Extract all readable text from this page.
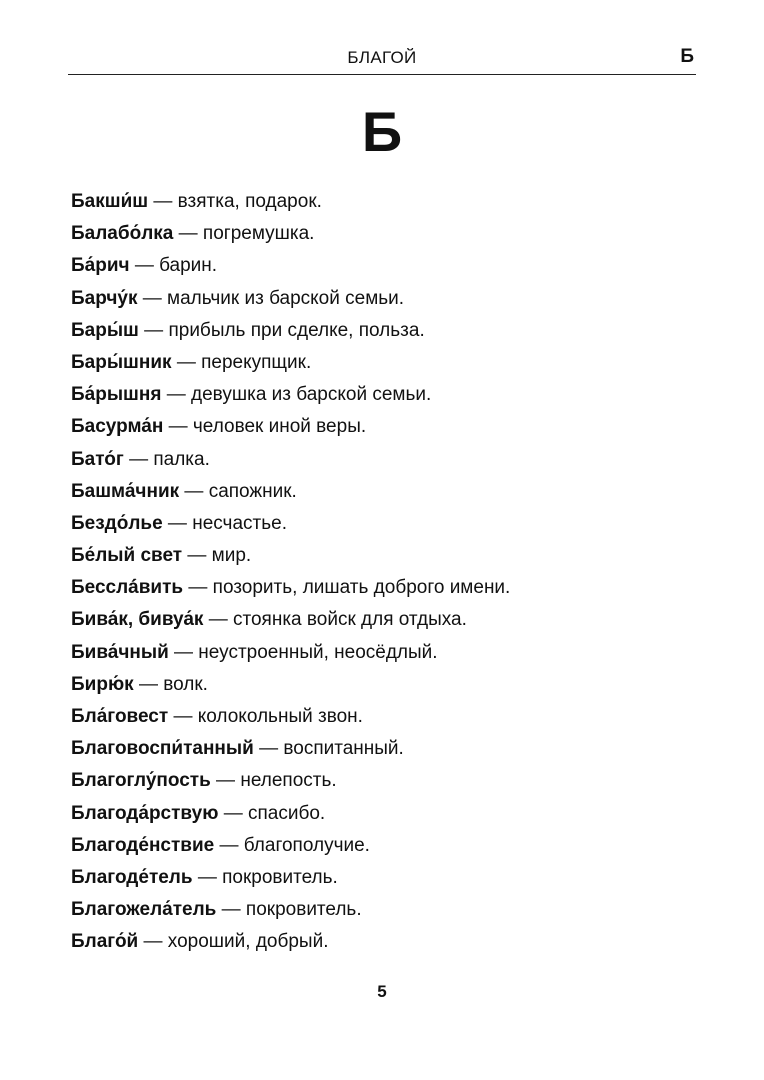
БЛАГОЙ	Б
Б
Бакши́ш — взятка, подарок.
Балабо́лка — погремушка.
Ба́рич — барин.
Барчу́к — мальчик из барской семьи.
Бары́ш — прибыль при сделке, польза.
Бары́шник — перекупщик.
Ба́рышня — девушка из барской семьи.
Басурма́н — человек иной веры.
Бато́г — палка.
Башма́чник — сапожник.
Бездо́лье — несчастье.
Бе́лый свет — мир.
Бесслá́вить — позорить, лишать доброго имени.
Бива́к, бивуа́к — стоянка войск для отдыха.
Бива́чный — неустроенный, неосёдлый.
Бирю́к — волк.
Бла́говест — колокольный звон.
Благовоспи́танный — воспитанный.
Благоглу́пость — нелепость.
Благода́рствую — спасибо.
Благоде́нствие — благополучие.
Благоде́тель — покровитель.
Благожела́тель — покровитель.
Благо́й — хороший, добрый.
5
